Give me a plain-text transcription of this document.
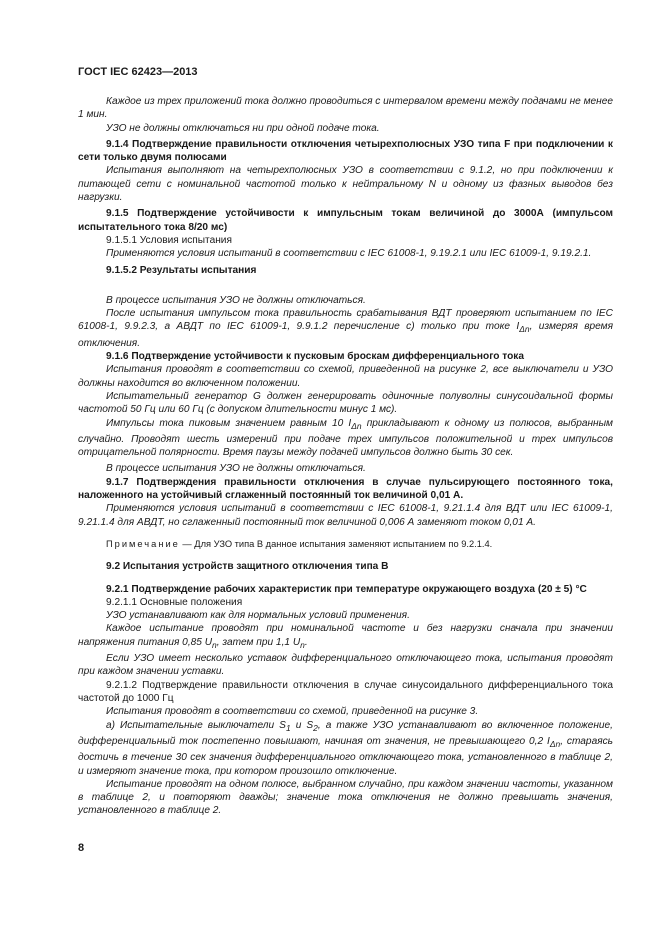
ГОСТ IEC 62423—2013

Каждое из трех приложений тока должно проводиться с интервалом времени между подачами не менее 1 мин.

УЗО не должны отключаться ни при одной подаче тока.

9.1.4 Подтверждение правильности отключения четырехполюсных УЗО типа F при подключении к сети только двумя полюсами

Испытания выполняют на четырехполюсных УЗО в соответствии с 9.1.2, но при подключении к питающей сети с номинальной частотой только к нейтральному N и одному из фазных выводов без нагрузки.

9.1.5 Подтверждение устойчивости к импульсным токам величиной до 3000А (импульсом испытательного тока 8/20 мс)

9.1.5.1 Условия испытания

Применяются условия испытаний в соответствии с IEC 61008-1, 9.19.2.1 или IEC 61009-1, 9.19.2.1.

9.1.5.2 Результаты испытания

В процессе испытания УЗО не должны отключаться.

После испытания импульсом тока правильность срабатывания ВДТ проверяют испытанием по IEC 61008-1, 9.9.2.3, а АВДТ по IEC 61009-1, 9.9.1.2 перечисление с) только при токе $I_{\Delta n}$, измеряя время отключения.

9.1.6 Подтверждение устойчивости к пусковым броскам дифференциального тока

Испытания проводят в соответствии со схемой, приведенной на рисунке 2, все выключатели и УЗО должны находится во включенном положении.

Испытательный генератор G должен генерировать одиночные полуволны синусоидальной формы частотой 50 Гц или 60 Гц (с допуском длительности минус 1 мс).

Импульсы тока пиковым значением равным 10 $I_{\Delta n}$ прикладывают к одному из полюсов, выбранным случайно. Проводят шесть измерений при подаче трех импульсов положительной и трех импульсов отрицательной полярности. Время паузы между подачей импульсов должно быть 30 сек.

В процессе испытания УЗО не должны отключаться.

9.1.7 Подтверждения правильности отключения в случае пульсирующего постоянного тока, наложенного на устойчивый сглаженный постоянный ток величиной 0,01 А.

Применяются условия испытаний в соответствии с IEC 61008-1, 9.21.1.4 для ВДТ или IEC 61009-1, 9.21.1.4 для АВДТ, но сглаженный постоянный ток величиной 0,006 А заменяют током 0,01 А.

Примечание — Для УЗО типа В данное испытания заменяют испытанием по 9.2.1.4.

9.2 Испытания устройств защитного отключения типа В

9.2.1 Подтверждение рабочих характеристик при температуре окружающего воздуха (20 ± 5) °С

9.2.1.1 Основные положения

УЗО устанавливают как для нормальных условий применения.

Каждое испытание проводят при номинальной частоте и без нагрузки сначала при значении напряжения питания 0,85 $U_n$, затем при 1,1 $U_n$.

Если УЗО имеет несколько уставок дифференциального отключающего тока, испытания проводят при каждом значении уставки.

9.2.1.2 Подтверждение правильности отключения в случае синусоидального дифференциального тока частотой до 1000 Гц

Испытания проводят в соответствии со схемой, приведенной на рисунке 3.

а) Испытательные выключатели $S_1$ и $S_2$, а также УЗО устанавливают во включенное положение, дифференциальный ток постепенно повышают, начиная от значения, не превышающего 0,2 $I_{\Delta n}$, стараясь достичь в течение 30 сек значения дифференциального отключающего тока, установленного в таблице 2, и измеряют значение тока, при котором произошло отключение.

Испытание проводят на одном полюсе, выбранном случайно, при каждом значении частоты, указанном в таблице 2, и повторяют дважды; значение тока отключения не должно превышать значения, установленного в таблице 2.

8
